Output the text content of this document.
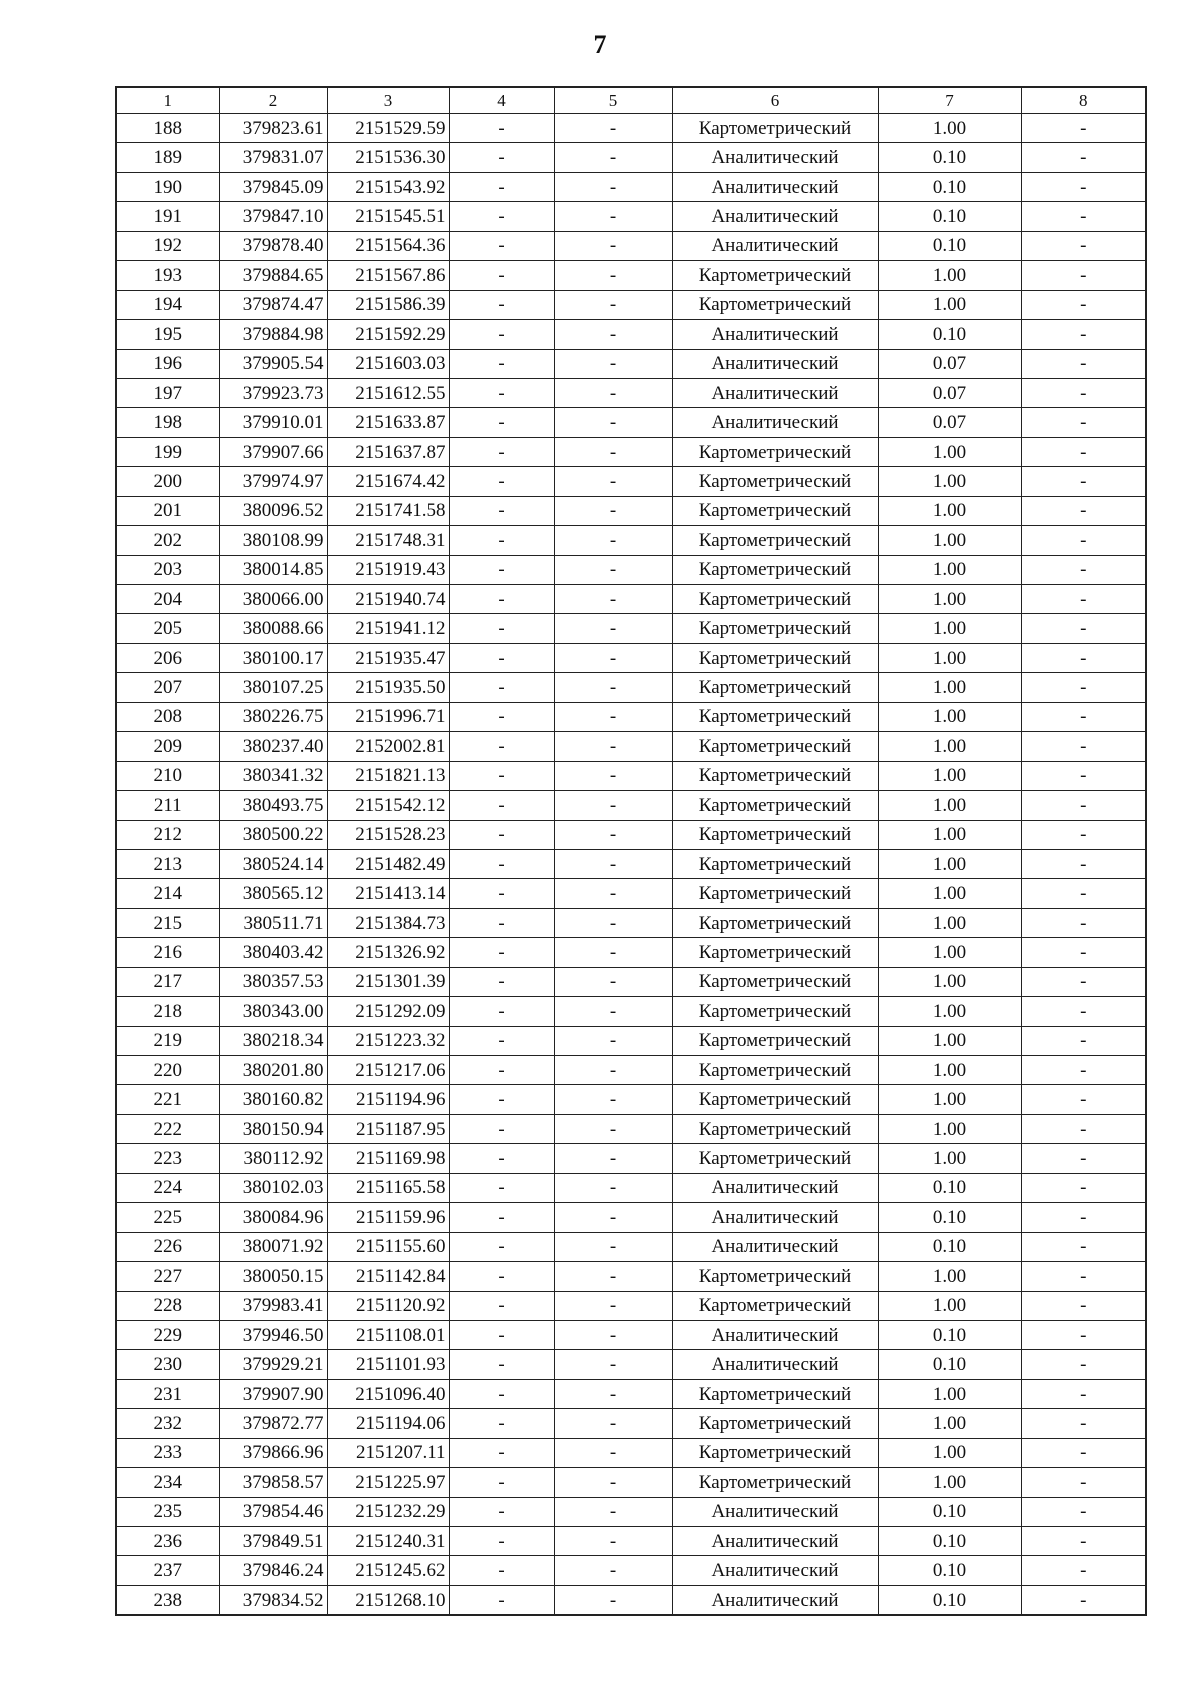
7
1	2	3	4	5	6	7	8
188	379823.61	2151529.59	-	-	Картометрический	1.00	-
189	379831.07	2151536.30	-	-	Аналитический	0.10	-
190	379845.09	2151543.92	-	-	Аналитический	0.10	-
191	379847.10	2151545.51	-	-	Аналитический	0.10	-
192	379878.40	2151564.36	-	-	Аналитический	0.10	-
193	379884.65	2151567.86	-	-	Картометрический	1.00	-
194	379874.47	2151586.39	-	-	Картометрический	1.00	-
195	379884.98	2151592.29	-	-	Аналитический	0.10	-
196	379905.54	2151603.03	-	-	Аналитический	0.07	-
197	379923.73	2151612.55	-	-	Аналитический	0.07	-
198	379910.01	2151633.87	-	-	Аналитический	0.07	-
199	379907.66	2151637.87	-	-	Картометрический	1.00	-
200	379974.97	2151674.42	-	-	Картометрический	1.00	-
201	380096.52	2151741.58	-	-	Картометрический	1.00	-
202	380108.99	2151748.31	-	-	Картометрический	1.00	-
203	380014.85	2151919.43	-	-	Картометрический	1.00	-
204	380066.00	2151940.74	-	-	Картометрический	1.00	-
205	380088.66	2151941.12	-	-	Картометрический	1.00	-
206	380100.17	2151935.47	-	-	Картометрический	1.00	-
207	380107.25	2151935.50	-	-	Картометрический	1.00	-
208	380226.75	2151996.71	-	-	Картометрический	1.00	-
209	380237.40	2152002.81	-	-	Картометрический	1.00	-
210	380341.32	2151821.13	-	-	Картометрический	1.00	-
211	380493.75	2151542.12	-	-	Картометрический	1.00	-
212	380500.22	2151528.23	-	-	Картометрический	1.00	-
213	380524.14	2151482.49	-	-	Картометрический	1.00	-
214	380565.12	2151413.14	-	-	Картометрический	1.00	-
215	380511.71	2151384.73	-	-	Картометрический	1.00	-
216	380403.42	2151326.92	-	-	Картометрический	1.00	-
217	380357.53	2151301.39	-	-	Картометрический	1.00	-
218	380343.00	2151292.09	-	-	Картометрический	1.00	-
219	380218.34	2151223.32	-	-	Картометрический	1.00	-
220	380201.80	2151217.06	-	-	Картометрический	1.00	-
221	380160.82	2151194.96	-	-	Картометрический	1.00	-
222	380150.94	2151187.95	-	-	Картометрический	1.00	-
223	380112.92	2151169.98	-	-	Картометрический	1.00	-
224	380102.03	2151165.58	-	-	Аналитический	0.10	-
225	380084.96	2151159.96	-	-	Аналитический	0.10	-
226	380071.92	2151155.60	-	-	Аналитический	0.10	-
227	380050.15	2151142.84	-	-	Картометрический	1.00	-
228	379983.41	2151120.92	-	-	Картометрический	1.00	-
229	379946.50	2151108.01	-	-	Аналитический	0.10	-
230	379929.21	2151101.93	-	-	Аналитический	0.10	-
231	379907.90	2151096.40	-	-	Картометрический	1.00	-
232	379872.77	2151194.06	-	-	Картометрический	1.00	-
233	379866.96	2151207.11	-	-	Картометрический	1.00	-
234	379858.57	2151225.97	-	-	Картометрический	1.00	-
235	379854.46	2151232.29	-	-	Аналитический	0.10	-
236	379849.51	2151240.31	-	-	Аналитический	0.10	-
237	379846.24	2151245.62	-	-	Аналитический	0.10	-
238	379834.52	2151268.10	-	-	Аналитический	0.10	-
